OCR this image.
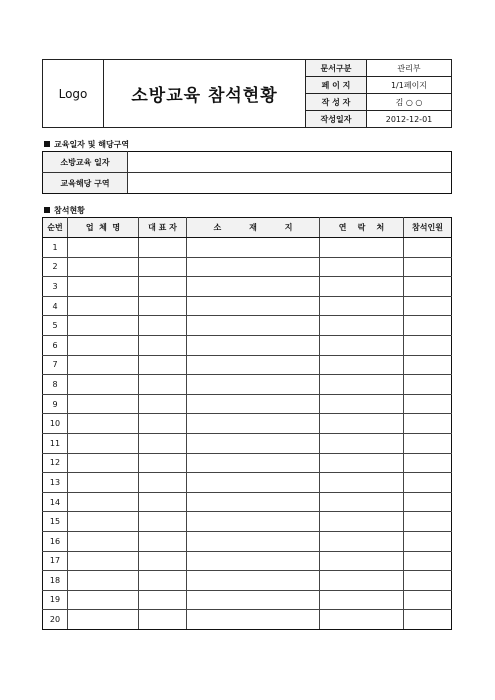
Logo	소방교육 참석현황	문서구분	관리부
		페 이 지	1/1페이지
		작 성 자	김 ○ ○
		작성일자	2012-12-01
교육일자 및 해당구역
소방교육 일자	
교육해당 구역	
참석현황
순번	업  체  명	대 표 자	소          재          지	연    락    처	참석인원
1					
2					
3					
4					
5					
6					
7					
8					
9					
10					
11					
12					
13					
14					
15					
16					
17					
18					
19					
20					
